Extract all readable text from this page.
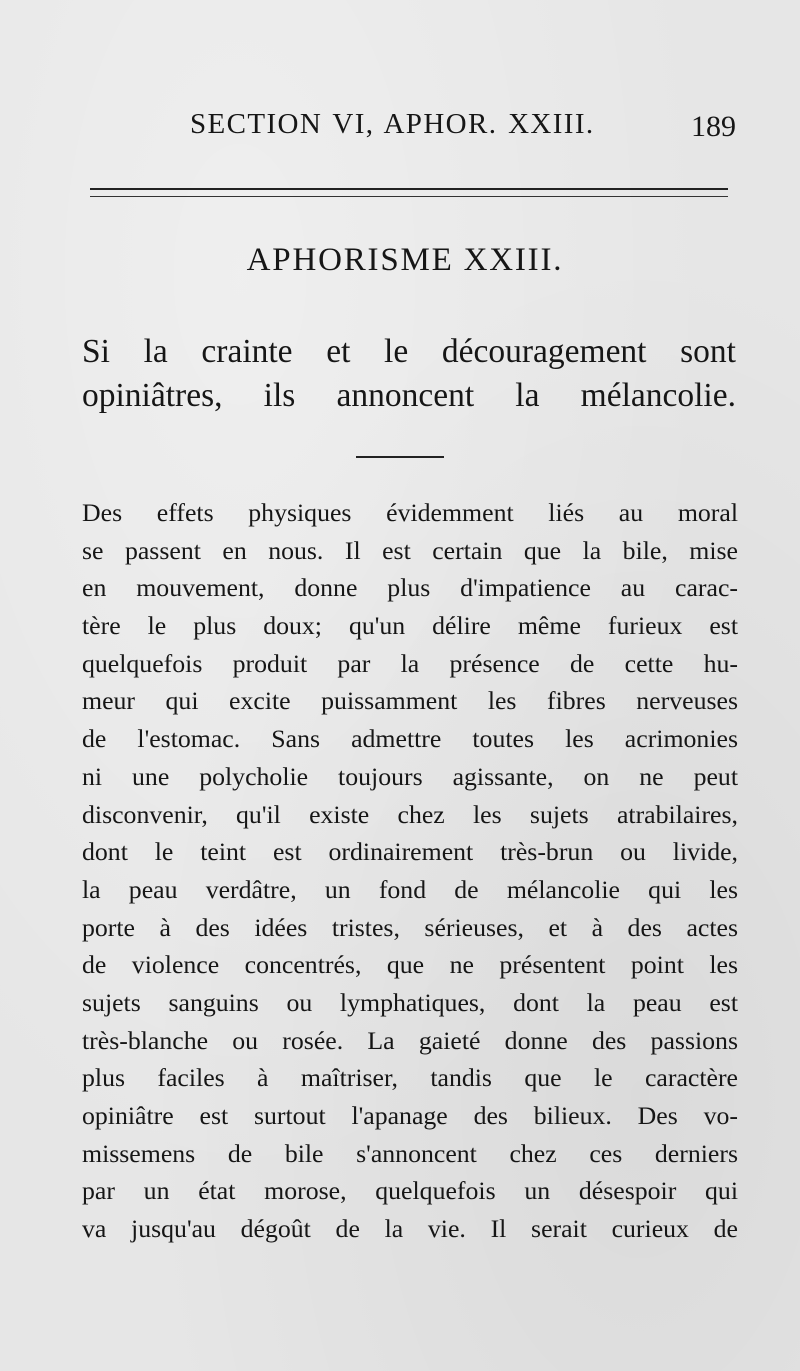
SECTION VI, APHOR. XXIII.	189
APHORISME XXIII.
Si la crainte et le découragement sont
opiniâtres, ils annoncent la mélancolie.
Des effets physiques évidemment liés au moral
se passent en nous. Il est certain que la bile, mise
en mouvement, donne plus d'impatience au carac-
tère le plus doux; qu'un délire même furieux est
quelquefois produit par la présence de cette hu-
meur qui excite puissamment les fibres nerveuses
de l'estomac. Sans admettre toutes les acrimonies
ni une polycholie toujours agissante, on ne peut
disconvenir, qu'il existe chez les sujets atrabilaires,
dont le teint est ordinairement très-brun ou livide,
la peau verdâtre, un fond de mélancolie qui les
porte à des idées tristes, sérieuses, et à des actes
de violence concentrés, que ne présentent point les
sujets sanguins ou lymphatiques, dont la peau est
très-blanche ou rosée. La gaieté donne des passions
plus faciles à maîtriser, tandis que le caractère
opiniâtre est surtout l'apanage des bilieux. Des vo-
missemens de bile s'annoncent chez ces derniers
par un état morose, quelquefois un désespoir qui
va jusqu'au dégoût de la vie. Il serait curieux de
